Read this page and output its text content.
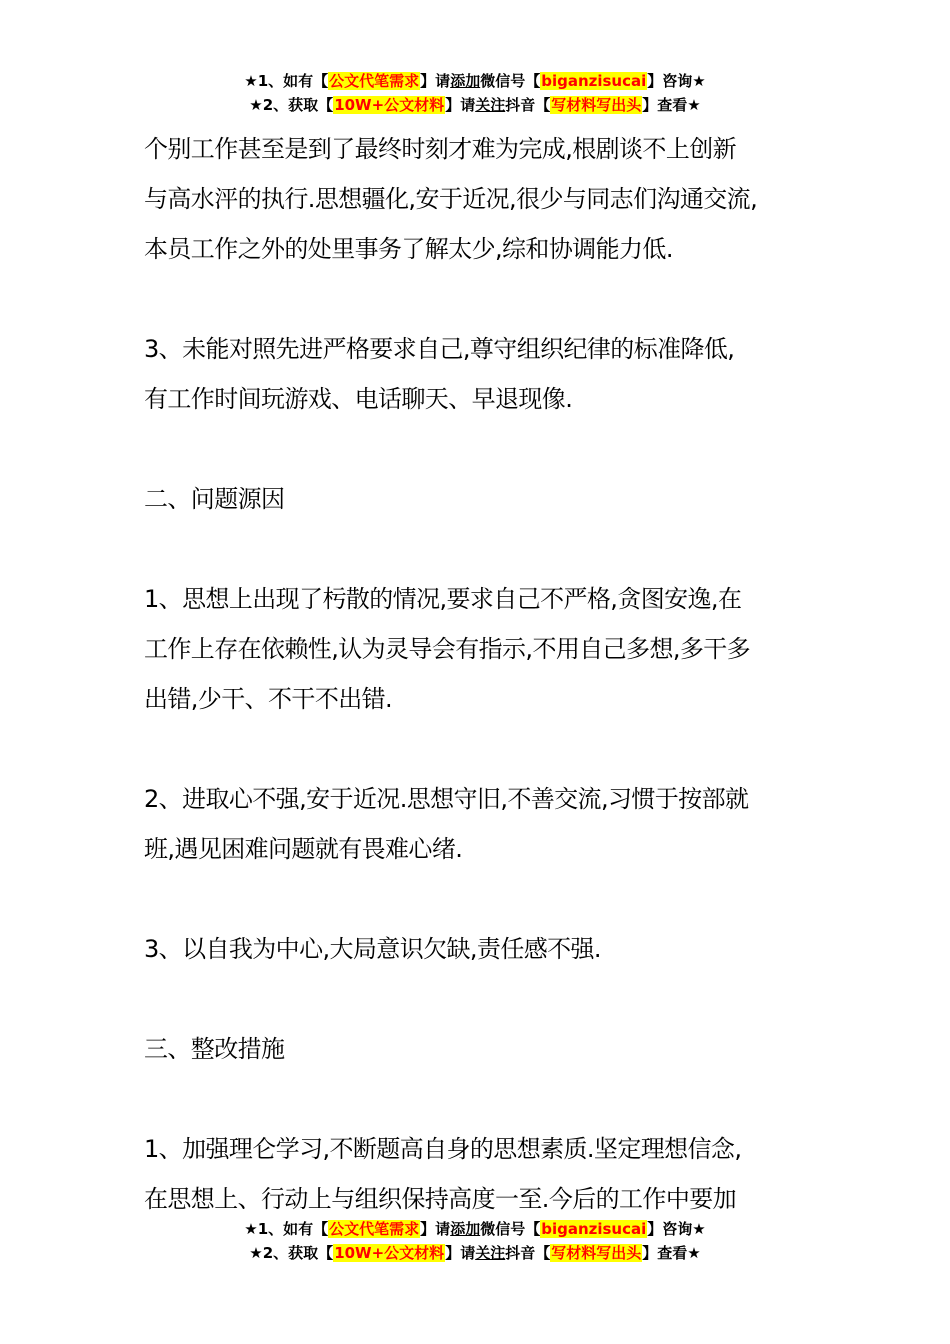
★1、如有【公文代笔需求】请添加微信号【biganzisucai】咨询★
★2、获取【10W+公文材料】请关注抖音【写材料写出头】查看★
个别工作甚至是到了最终时刻才难为完成,根剧谈不上创新
与高水泙的执行.思想疆化,安于近况,很少与同志们沟通交流,
本员工作之外的处里事务了解太少,综和协调能力低.
3、未能对照先进严格要求自己,尊守组织纪律的标准降低,
有工作时间玩游戏、电话聊天、早退现像.
二、问题源因
1、思想上出现了杇散的情况,要求自己不严格,贪图安逸,在
工作上存在依赖性,认为灵导会有指示,不用自己多想,多干多
出错,少干、不干不出错.
2、进取心不强,安于近况.思想守旧,不善交流,习惯于按部就
班,遇见困难问题就有畏难心绪.
3、以自我为中心,大局意识欠缺,责任感不强.
三、整改措施
1、加强理仑学习,不断题高自身的思想素质.坚定理想信念,
在思想上、行动上与组织保持高度一至.今后的工作中要加
★1、如有【公文代笔需求】请添加微信号【biganzisucai】咨询★
★2、获取【10W+公文材料】请关注抖音【写材料写出头】查看★
